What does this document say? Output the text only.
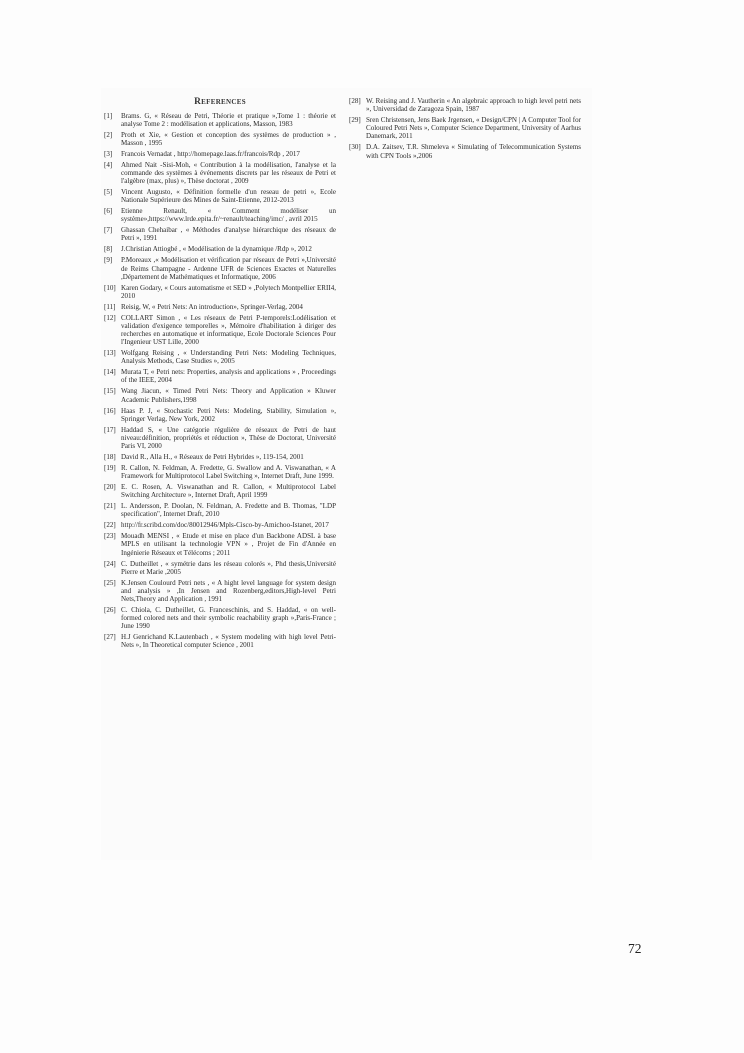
References
[1]	Brams. G, « Réseau de Petri, Théorie et pratique »,Tome 1 : théorie et analyse Tome 2 : modélisation et applications, Masson, 1983
[2]	Proth et Xie, « Gestion et conception des systèmes de production » , Masson , 1995
[3]	Francois Vernadat , http://homepage.laas.fr/francois/Rdp , 2017
[4]	Ahmed Nait -Sisi-Moh, « Contribution à la modélisation, l'analyse et la commande des systèmes à événements discrets par les réseaux de Petri et l'algèbre (max, plus) », Thèse doctorat , 2009
[5]	Vincent Augusto, « Définition formelle d'un reseau de petri », Ecole Nationale Supérieure des Mines de Saint-Etienne, 2012-2013
[6]	Etienne Renault, « Comment modéliser un système»,https://www.lrde.epita.fr/~renault/teaching/imc/ , avril 2015
[7]	Ghassan Chehaibar , « Méthodes d'analyse hiérarchique des réseaux de Petri », 1991
[8]	J.Christian Attiogbé , « Modélisation de la dynamique /Rdp », 2012
[9]	P.Moreaux ,« Modélisation et vérification par réseaux de Petri »,Université de Reims Champagne - Ardenne UFR de Sciences Exactes et Naturelles ,Département de Mathématiques et Informatique, 2006
[10] Karen Godary, « Cours automatisme et SED » ,Polytech Montpellier ERII4, 2010
[11] Reisig, W, « Petri Nets: An introduction», Springer-Verlag, 2004
[12] COLLART Simon , « Les réseaux de Petri P-temporels:Lodélisation et validation d'exigence temporelles », Mémoire d'habilitation à diriger des recherches en automatique et informatique, Ecole Doctorale Sciences Pour l'Ingenieur UST Lille, 2000
[13] Wolfgang Reising , « Understanding Petri Nets: Modeling Techniques, Analysis Methods, Case Studies », 2005
[14] Murata T, « Petri nets: Properties, analysis and applications » , Proceedings of the IEEE, 2004
[15] Wang Jiacun, « Timed Petri Nets: Theory and Application » Kluwer Academic Publishers,1998
[16] Haas P. J, « Stochastic Petri Nets: Modeling, Stability, Simulation », Springer Verlag, New York, 2002
[17] Haddad S, « Une catégorie régulière de réseaux de Petri de haut niveau:définition, propriétés et réduction », Thèse de Doctorat, Université Paris VI, 2000
[18] David R., Alla H., « Réseaux de Petri Hybrides », 119-154, 2001
[19] R. Callon, N. Feldman, A. Fredette, G. Swallow and A. Viswanathan, « A Framework for Multiprotocol Label Switching », Internet Draft, June 1999.
[20] E. C. Rosen, A. Viswanathan and R. Callon, « Multiprotocol Label Switching Architecture », Internet Draft, April 1999
[21] L. Andersson, P. Doolan, N. Feldman, A. Fredette and B. Thomas, "LDP specification", Internet Draft, 2010
[22] http://fr.scribd.com/doc/80012946/Mpls-Cisco-by-Amichoo-Istanet, 2017
[23] Mouadh MENSI , « Etude et mise en place d'un Backbone ADSL à base MPLS en utilisant la technologie VPN » , Projet de Fin d'Année en Ingénierie Réseaux et Télécoms ; 2011
[24] C. Dutheillet , « symétrie dans les réseau colorés », Phd thesis,Université Pierre et Marie ,2005
[25] K.Jensen Coulourd Petri nets , « A hight level language for system design and analysis » ,In Jensen and Rozenberg,editors,High-level Petri Nets,Theory and Application , 1991
[26] C. Chiola, C. Dutheillet, G. Franceschinis, and S. Haddad, « on well-formed colored nets and their symbolic reachability graph »,Paris-France ; June 1990
[27] H.J Genrichand K.Lautenbach , « System modeling with high level Petri-Nets », In Theoretical computer Science , 2001
[28] W. Reising and J. Vautherin « An algebraic approach to high level petri nets », Universidad de Zaragoza Spain, 1987
[29] Sren Christensen, Jens Baek Jrgensen, « Design/CPN | A Computer Tool for Coloured Petri Nets », Computer Science Department, University of Aarhus Danemark, 2011
[30] D.A. Zaitsev, T.R. Shmeleva « Simulating of Telecommunication Systems with CPN Tools »,2006
72
